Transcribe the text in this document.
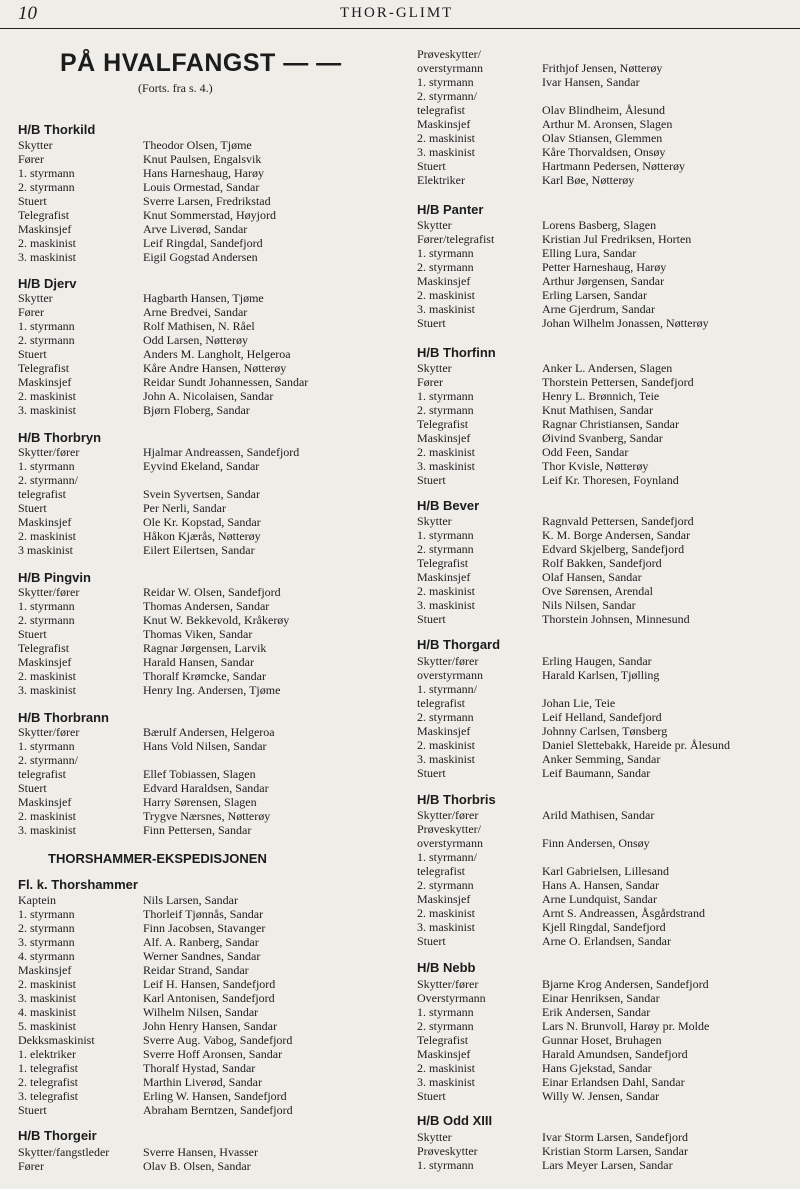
10	THOR-GLIMT
PÅ HVALFANGST — —
(Forts. fra s. 4.)
H/B Thorkild
Skytter	Theodor Olsen, Tjøme
Fører	Knut Paulsen, Engalsvik
1. styrmann	Hans Harneshaug, Harøy
2. styrmann	Louis Ormestad, Sandar
Stuert	Sverre Larsen, Fredrikstad
Telegrafist	Knut Sommerstad, Høyjord
Maskinsjef	Arve Liverød, Sandar
2. maskinist	Leif Ringdal, Sandefjord
3. maskinist	Eigil Gogstad Andersen
H/B Djerv
Skytter	Hagbarth Hansen, Tjøme
Fører	Arne Bredvei, Sandar
1. styrmann	Rolf Mathisen, N. Råel
2. styrmann	Odd Larsen, Nøtterøy
Stuert	Anders M. Langholt, Helgeroa
Telegrafist	Kåre Andre Hansen, Nøtterøy
Maskinsjef	Reidar Sundt Johannessen, Sandar
2. maskinist	John A. Nicolaisen, Sandar
3. maskinist	Bjørn Floberg, Sandar
H/B Thorbryn
Skytter/fører	Hjalmar Andreassen, Sandefjord
1. styrmann	Eyvind Ekeland, Sandar
2. styrmann/
telegrafist	Svein Syvertsen, Sandar
Stuert	Per Nerli, Sandar
Maskinsjef	Ole Kr. Kopstad, Sandar
2. maskinist	Håkon Kjærås, Nøtterøy
3 maskinist	Eilert Eilertsen, Sandar
H/B Pingvin
Skytter/fører	Reidar W. Olsen, Sandefjord
1. styrmann	Thomas Andersen, Sandar
2. styrmann	Knut W. Bekkevold, Kråkerøy
Stuert	Thomas Viken, Sandar
Telegrafist	Ragnar Jørgensen, Larvik
Maskinsjef	Harald Hansen, Sandar
2. maskinist	Thoralf Krømcke, Sandar
3. maskinist	Henry Ing. Andersen, Tjøme
H/B Thorbrann
Skytter/fører	Bærulf Andersen, Helgeroa
1. styrmann	Hans Vold Nilsen, Sandar
2. styrmann/
telegrafist	Ellef Tobiassen, Slagen
Stuert	Edvard Haraldsen, Sandar
Maskinsjef	Harry Sørensen, Slagen
2. maskinist	Trygve Nærsnes, Nøtterøy
3. maskinist	Finn Pettersen, Sandar
Fl. k. Thorshammer
Kaptein	Nils Larsen, Sandar
1. styrmann	Thorleif Tjønnås, Sandar
2. styrmann	Finn Jacobsen, Stavanger
3. styrmann	Alf. A. Ranberg, Sandar
4. styrmann	Werner Sandnes, Sandar
Maskinsjef	Reidar Strand, Sandar
2. maskinist	Leif H. Hansen, Sandefjord
3. maskinist	Karl Antonisen, Sandefjord
4. maskinist	Wilhelm Nilsen, Sandar
5. maskinist	John Henry Hansen, Sandar
Dekksmaskinist	Sverre Aug. Vabog, Sandefjord
1. elektriker	Sverre Hoff Aronsen, Sandar
1. telegrafist	Thoralf Hystad, Sandar
2. telegrafist	Marthin Liverød, Sandar
3. telegrafist	Erling W. Hansen, Sandefjord
Stuert	Abraham Berntzen, Sandefjord
H/B Thorgeir
Skytter/fangstleder	Sverre Hansen, Hvasser
Fører	Olav B. Olsen, Sandar
THORSHAMMER-EKSPEDISJONEN
Prøveskytter/
overstyrmann	Frithjof Jensen, Nøtterøy
1. styrmann	Ivar Hansen, Sandar
2. styrmann/
telegrafist	Olav Blindheim, Ålesund
Maskinsjef	Arthur M. Aronsen, Slagen
2. maskinist	Olav Stiansen, Glemmen
3. maskinist	Kåre Thorvaldsen, Onsøy
Stuert	Hartmann Pedersen, Nøtterøy
Elektriker	Karl Bøe, Nøtterøy
H/B Panter
Skytter	Lorens Basberg, Slagen
Fører/telegrafist	Kristian Jul Fredriksen, Horten
1. styrmann	Elling Lura, Sandar
2. styrmann	Petter Harneshaug, Harøy
Maskinsjef	Arthur Jørgensen, Sandar
2. maskinist	Erling Larsen, Sandar
3. maskinist	Arne Gjerdrum, Sandar
Stuert	Johan Wilhelm Jonassen, Nøtterøy
H/B Thorfinn
Skytter	Anker L. Andersen, Slagen
Fører	Thorstein Pettersen, Sandefjord
1. styrmann	Henry L. Brønnich, Teie
2. styrmann	Knut Mathisen, Sandar
Telegrafist	Ragnar Christiansen, Sandar
Maskinsjef	Øivind Svanberg, Sandar
2. maskinist	Odd Feen, Sandar
3. maskinist	Thor Kvisle, Nøtterøy
Stuert	Leif Kr. Thoresen, Foynland
H/B Bever
Skytter	Ragnvald Pettersen, Sandefjord
1. styrmann	K. M. Borge Andersen, Sandar
2. styrmann	Edvard Skjelberg, Sandefjord
Telegrafist	Rolf Bakken, Sandefjord
Maskinsjef	Olaf Hansen, Sandar
2. maskinist	Ove Sørensen, Arendal
3. maskinist	Nils Nilsen, Sandar
Stuert	Thorstein Johnsen, Minnesund
H/B Thorgard
Skytter/fører	Erling Haugen, Sandar
overstyrmann	Harald Karlsen, Tjølling
1. styrmann/
telegrafist	Johan Lie, Teie
2. styrmann	Leif Helland, Sandefjord
Maskinsjef	Johnny Carlsen, Tønsberg
2. maskinist	Daniel Slettebakk, Hareide pr. Ålesund
3. maskinist	Anker Semming, Sandar
Stuert	Leif Baumann, Sandar
H/B Thorbris
Skytter/fører	Arild Mathisen, Sandar
Prøveskytter/
overstyrmann	Finn Andersen, Onsøy
1. styrmann/
telegrafist	Karl Gabrielsen, Lillesand
2. styrmann	Hans A. Hansen, Sandar
Maskinsjef	Arne Lundquist, Sandar
2. maskinist	Arnt S. Andreassen, Åsgårdstrand
3. maskinist	Kjell Ringdal, Sandefjord
Stuert	Arne O. Erlandsen, Sandar
H/B Nebb
Skytter/fører	Bjarne Krog Andersen, Sandefjord
Overstyrmann	Einar Henriksen, Sandar
1. styrmann	Erik Andersen, Sandar
2. styrmann	Lars N. Brunvoll, Harøy pr. Molde
Telegrafist	Gunnar Hoset, Bruhagen
Maskinsjef	Harald Amundsen, Sandefjord
2. maskinist	Hans Gjekstad, Sandar
3. maskinist	Einar Erlandsen Dahl, Sandar
Stuert	Willy W. Jensen, Sandar
H/B Odd XIII
Skytter	Ivar Storm Larsen, Sandefjord
Prøveskytter	Kristian Storm Larsen, Sandar
1. styrmann	Lars Meyer Larsen, Sandar
